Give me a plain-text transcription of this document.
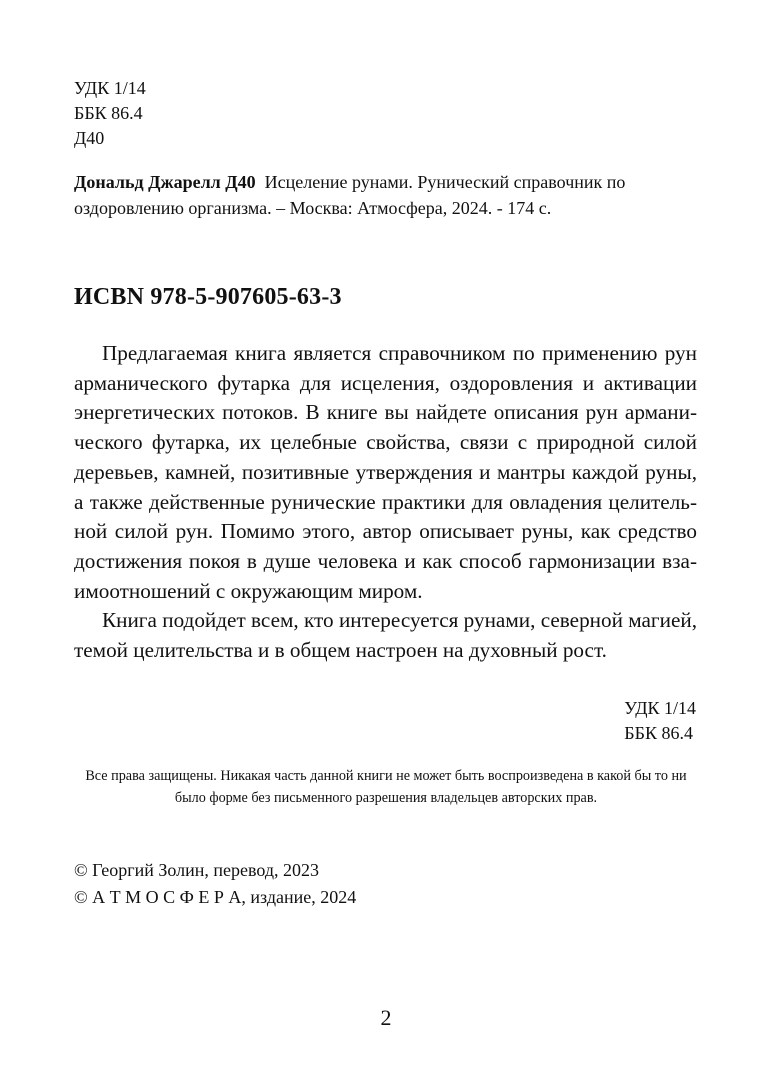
УДК 1/14
ББК 86.4
Д40
Дональд Джарелл Д40 Исцеление рунами. Рунический справочник по оздоровлению организма. – Москва: Атмосфера, 2024. - 174 с.
ИСBN 978-5-907605-63-3

Предлагаемая книга является справочником по применению рун арманического футарка для исцеления, оздоровления и активации энергетических потоков. В книге вы найдете описания рун арманического футарка, их целебные свойства, связи с природной силой деревьев, камней, позитивные утверждения и мантры каждой руны, а также действенные рунические практики для овладения целительной силой рун. Помимо этого, автор описывает руны, как средство достижения покоя в душе человека и как способ гармонизации взаимоотношений с окружающим миром.

Книга подойдет всем, кто интересуется рунами, северной магией, темой целительства и в общем настроен на духовный рост.

УДК 1/14
ББК 86.4
Все права защищены. Никакая часть данной книги не может быть воспроизведена в какой бы то ни было форме без письменного разрешения владельцев авторских прав.
© Георгий Золин, перевод, 2023
© А Т М О С Ф Е Р А, издание, 2024
2
